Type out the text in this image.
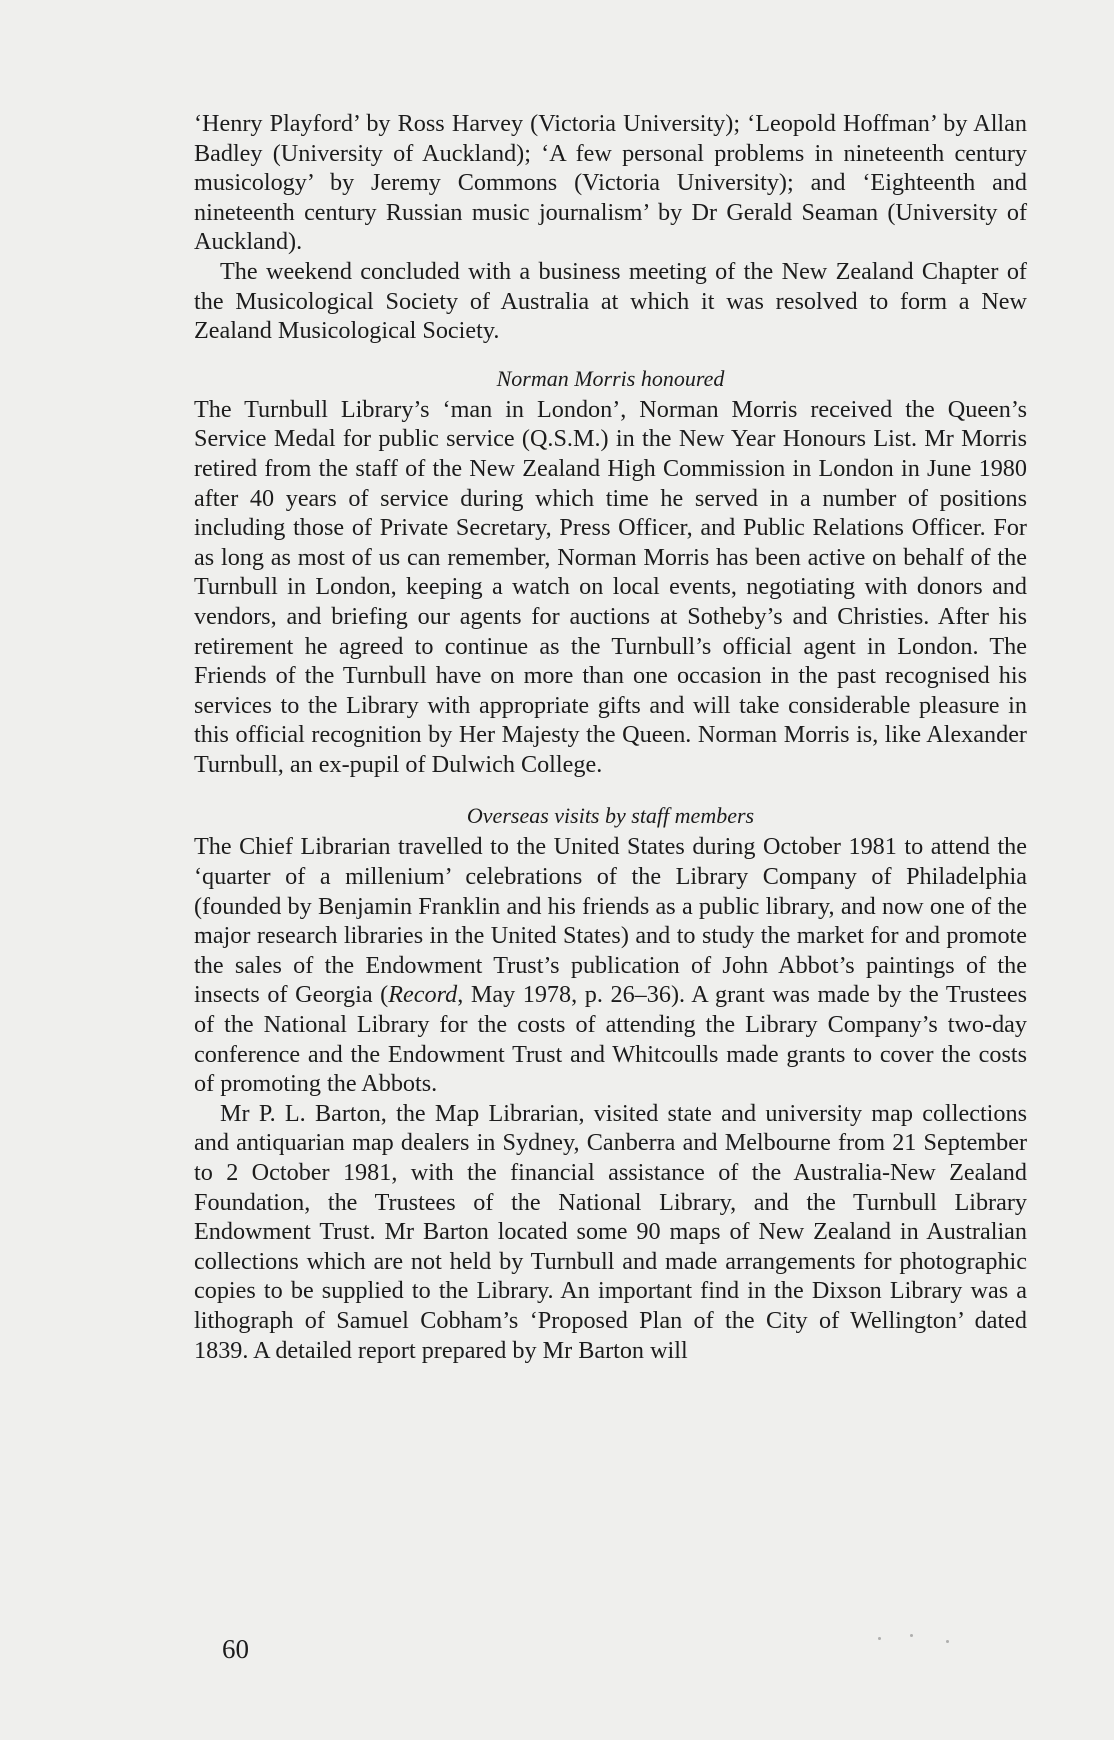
‘Henry Playford’ by Ross Harvey (Victoria University); ‘Leopold Hoffman’ by Allan Badley (University of Auckland); ‘A few personal problems in nineteenth century musicology’ by Jeremy Commons (Victoria University); and ‘Eighteenth and nineteenth century Russian music journalism’ by Dr Gerald Seaman (University of Auckland).

The weekend concluded with a business meeting of the New Zealand Chapter of the Musicological Society of Australia at which it was resolved to form a New Zealand Musicological Society.

Norman Morris honoured

The Turnbull Library’s ‘man in London’, Norman Morris received the Queen’s Service Medal for public service (Q.S.M.) in the New Year Honours List. Mr Morris retired from the staff of the New Zealand High Commission in London in June 1980 after 40 years of service during which time he served in a number of positions including those of Private Secretary, Press Officer, and Public Relations Officer. For as long as most of us can remember, Norman Morris has been active on behalf of the Turnbull in London, keeping a watch on local events, negotiating with donors and vendors, and briefing our agents for auctions at Sotheby’s and Christies. After his retirement he agreed to continue as the Turnbull’s official agent in London. The Friends of the Turnbull have on more than one occasion in the past recognised his services to the Library with appropriate gifts and will take considerable pleasure in this official recognition by Her Majesty the Queen. Norman Morris is, like Alexander Turnbull, an ex-pupil of Dulwich College.

Overseas visits by staff members

The Chief Librarian travelled to the United States during October 1981 to attend the ‘quarter of a millenium’ celebrations of the Library Company of Philadelphia (founded by Benjamin Franklin and his friends as a public library, and now one of the major research libraries in the United States) and to study the market for and promote the sales of the Endowment Trust’s publication of John Abbot’s paintings of the insects of Georgia (Record, May 1978, p. 26–36). A grant was made by the Trustees of the National Library for the costs of attending the Library Company’s two-day conference and the Endowment Trust and Whitcoulls made grants to cover the costs of promoting the Abbots.

Mr P. L. Barton, the Map Librarian, visited state and university map collections and antiquarian map dealers in Sydney, Canberra and Melbourne from 21 September to 2 October 1981, with the financial assistance of the Australia-New Zealand Foundation, the Trustees of the National Library, and the Turnbull Library Endowment Trust. Mr Barton located some 90 maps of New Zealand in Australian collections which are not held by Turnbull and made arrangements for photographic copies to be supplied to the Library. An important find in the Dixson Library was a lithograph of Samuel Cobham’s ‘Proposed Plan of the City of Wellington’ dated 1839. A detailed report prepared by Mr Barton will

60
